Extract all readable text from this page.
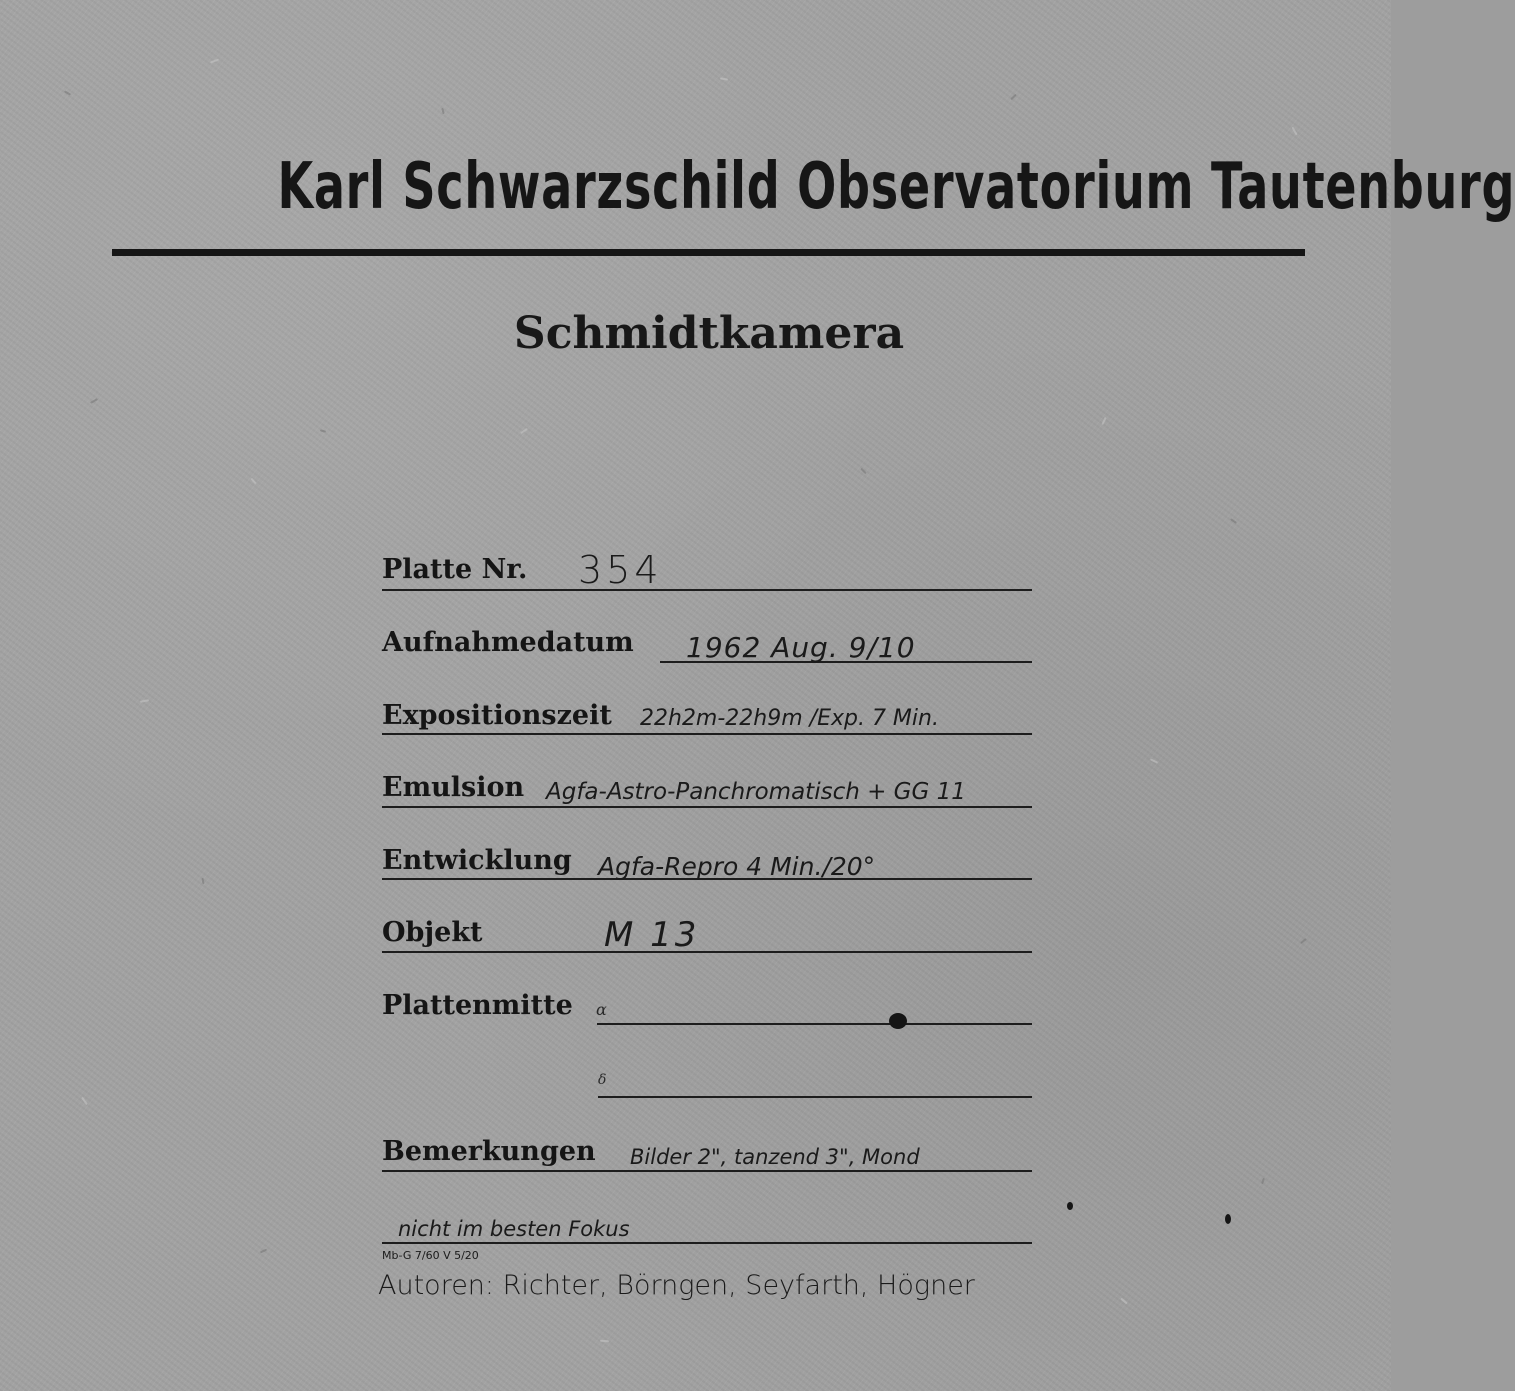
Karl Schwarzschild Observatorium Tautenburg
Schmidtkamera
Platte Nr. 354
Aufnahmedatum 1962 Aug. 9/10
Expositionszeit 22h2m-22h9m /Exp. 7 Min.
Emulsion Agfa-Astro-Panchromatisch + GG 11
Entwicklung Agfa-Repro 4 Min./20°
Objekt	M 13
Plattenmitte α
δ
Bemerkungen Bilder 2", tanzend 3", Mond
nicht im besten Fokus
Mb-G 7/60 V 5/20
Autoren: Richter, Börngen, Seyfarth, Högner
